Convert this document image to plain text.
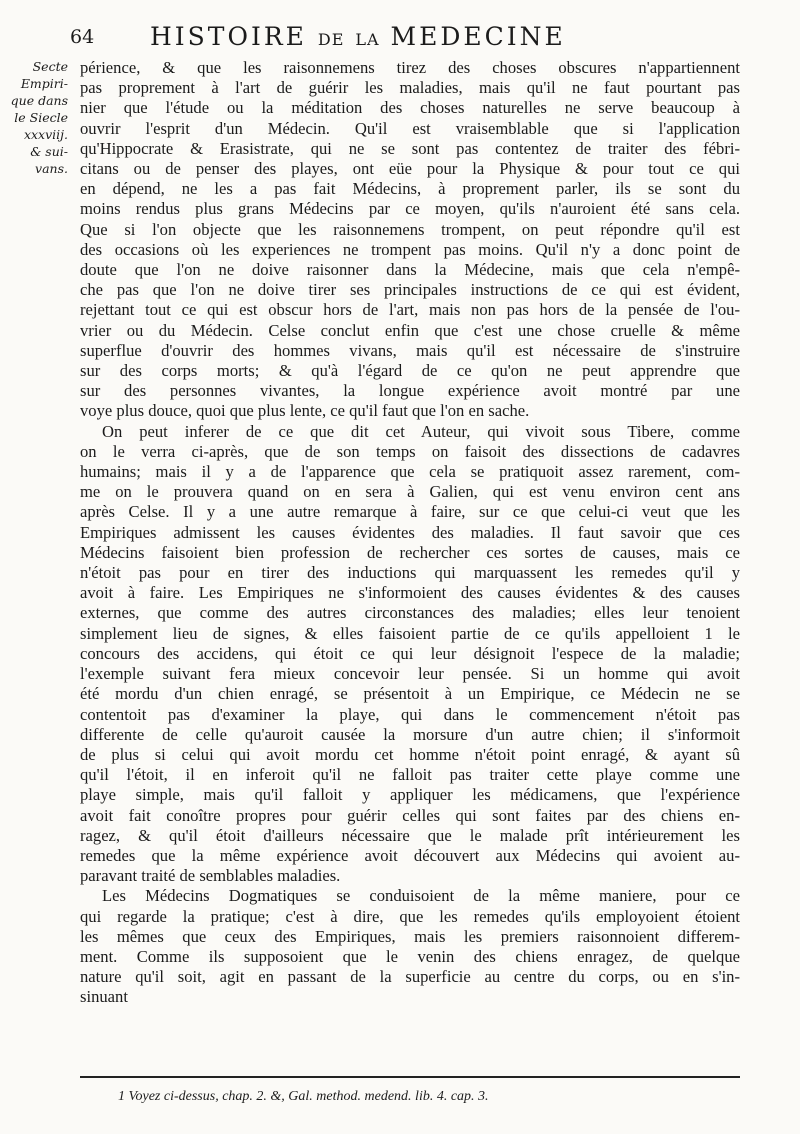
64 HISTOIRE DE LA MEDECINE
Secte
Empiri-
que dans
le Siecle
xxxviij.
& sui-
vans.
périence, & que les raisonnemens tirez des choses obscures n'appartiennent
pas proprement à l'art de guérir les maladies, mais qu'il ne faut pourtant pas
nier que l'étude ou la méditation des choses naturelles ne serve beaucoup à
ouvrir l'esprit d'un Médecin. Qu'il est vraisemblable que si l'application
qu'Hippocrate & Erasistrate, qui ne se sont pas contentez de traiter des fébri-
citans ou de penser des playes, ont eüe pour la Physique & pour tout ce qui
en dépend, ne les a pas fait Médecins, à proprement parler, ils se sont du
moins rendus plus grans Médecins par ce moyen, qu'ils n'auroient été sans cela.
Que si l'on objecte que les raisonnemens trompent, on peut répondre qu'il est
des occasions où les experiences ne trompent pas moins. Qu'il n'y a donc point de
doute que l'on ne doive raisonner dans la Médecine, mais que cela n'empê-
che pas que l'on ne doive tirer ses principales instructions de ce qui est évident,
rejettant tout ce qui est obscur hors de l'art, mais non pas hors de la pensée de l'ou-
vrier ou du Médecin. Celse conclut enfin que c'est une chose cruelle & même
superflue d'ouvrir des hommes vivans, mais qu'il est nécessaire de s'instruire
sur des corps morts; & qu'à l'égard de ce qu'on ne peut apprendre que
sur des personnes vivantes, la longue expérience avoit montré par une
voye plus douce, quoi que plus lente, ce qu'il faut que l'on en sache.
On peut inferer de ce que dit cet Auteur, qui vivoit sous Tibere, comme
on le verra ci-après, que de son temps on faisoit des dissections de cadavres
humains; mais il y a de l'apparence que cela se pratiquoit assez rarement, com-
me on le prouvera quand on en sera à Galien, qui est venu environ cent ans
après Celse. Il y a une autre remarque à faire, sur ce que celui-ci veut que les
Empiriques admissent les causes évidentes des maladies. Il faut savoir que ces
Médecins faisoient bien profession de rechercher ces sortes de causes, mais ce
n'étoit pas pour en tirer des inductions qui marquassent les remedes qu'il y
avoit à faire. Les Empiriques ne s'informoient des causes évidentes & des causes
externes, que comme des autres circonstances des maladies; elles leur tenoient
simplement lieu de signes, & elles faisoient partie de ce qu'ils appelloient 1 le
concours des accidens, qui étoit ce qui leur désignoit l'espece de la maladie;
l'exemple suivant fera mieux concevoir leur pensée. Si un homme qui avoit
été mordu d'un chien enragé, se présentoit à un Empirique, ce Médecin ne se
contentoit pas d'examiner la playe, qui dans le commencement n'étoit pas
differente de celle qu'auroit causée la morsure d'un autre chien; il s'informoit
de plus si celui qui avoit mordu cet homme n'étoit point enragé, & ayant sû
qu'il l'étoit, il en inferoit qu'il ne falloit pas traiter cette playe comme une
playe simple, mais qu'il falloit y appliquer les médicamens, que l'expérience
avoit fait conoître propres pour guérir celles qui sont faites par des chiens en-
ragez, & qu'il étoit d'ailleurs nécessaire que le malade prît intérieurement les
remedes que la même expérience avoit découvert aux Médecins qui avoient au-
paravant traité de semblables maladies.
Les Médecins Dogmatiques se conduisoient de la même maniere, pour ce
qui regarde la pratique; c'est à dire, que les remedes qu'ils employoient étoient
les mêmes que ceux des Empiriques, mais les premiers raisonnoient differem-
ment. Comme ils supposoient que le venin des chiens enragez, de quelque
nature qu'il soit, agit en passant de la superficie au centre du corps, ou en s'in-
sinuant
1 Voyez ci-dessus, chap. 2. &, Gal. method. medend. lib. 4. cap. 3.
